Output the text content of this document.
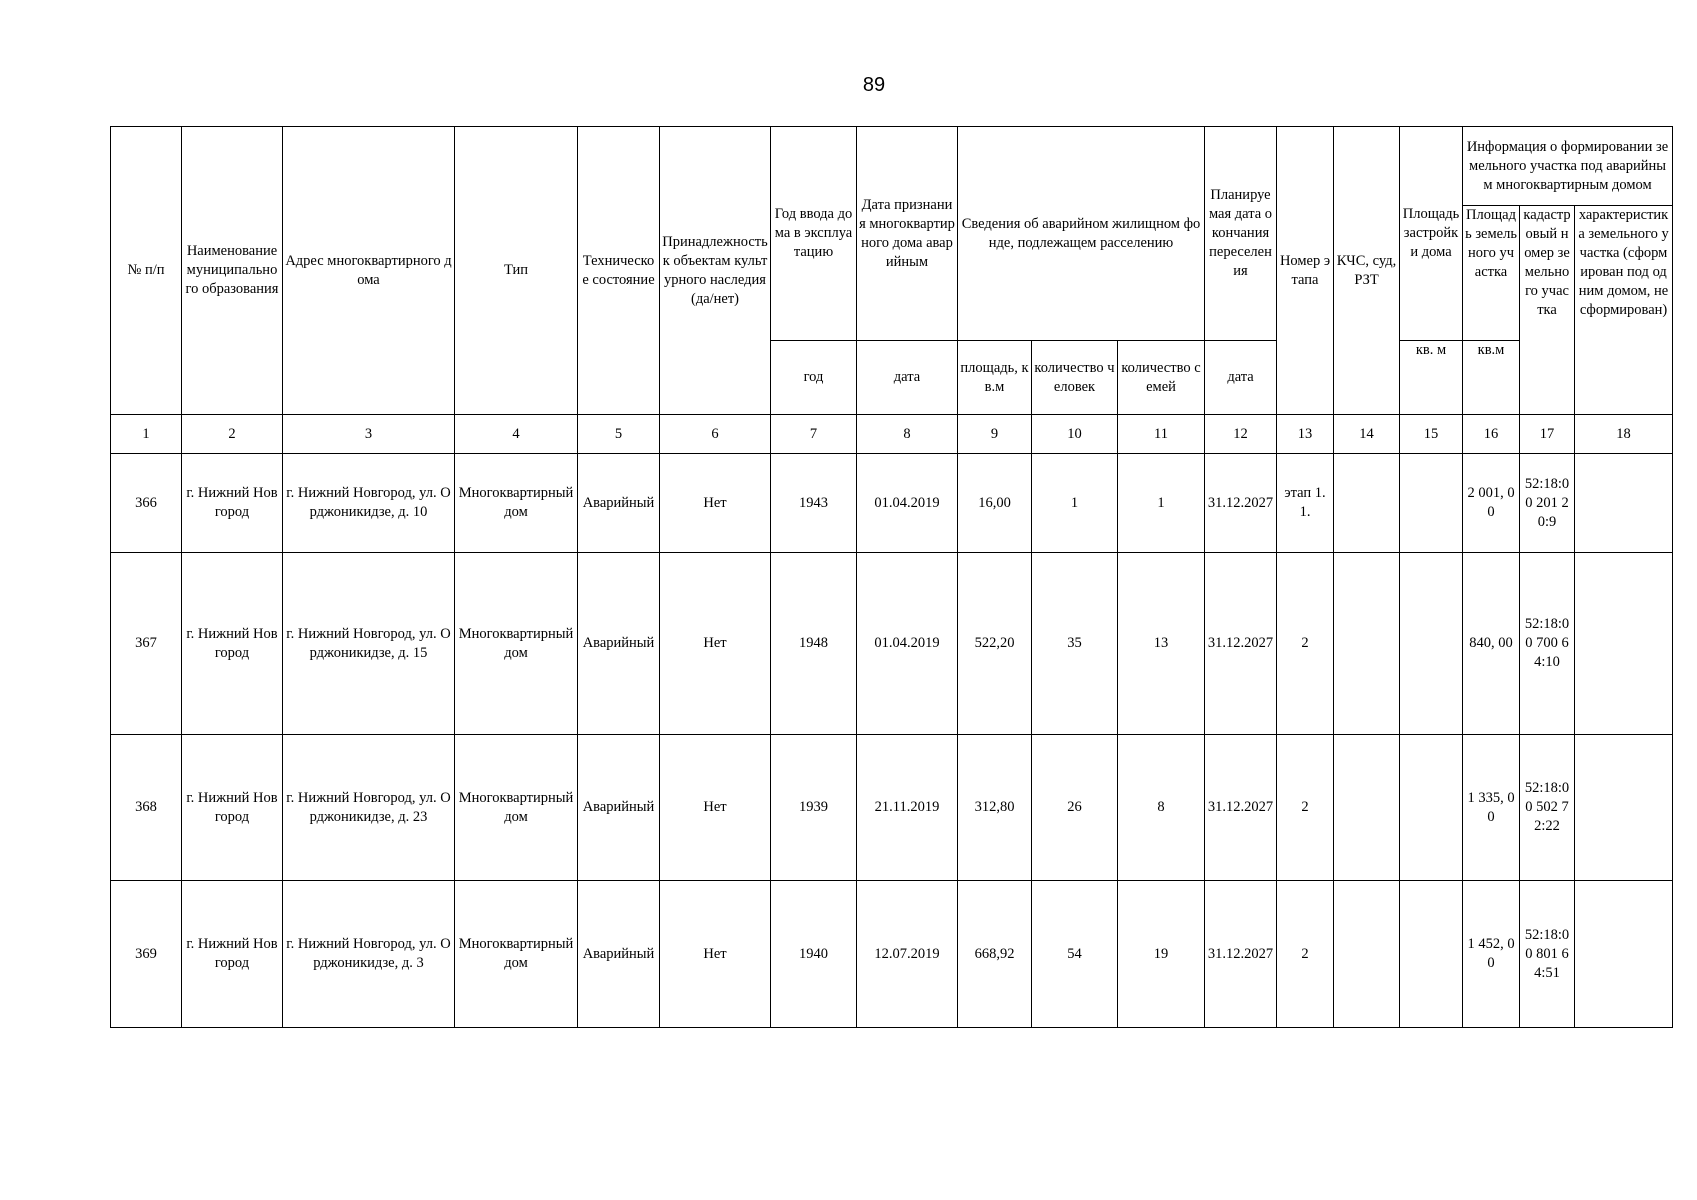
89
№ п/п	Наименование муниципального образования	Адрес многоквартирного дома	Тип	Техническое состояние	Принадлежность к объектам культурного наследия (да/нет)	Год ввода дома в эксплуатацию	Дата признания многоквартирного дома аварийным	Сведения об аварийном жилищном фонде, подлежащем расселению			Планируемая дата окончания переселения	Номер этапа	КЧС, суд, РЗТ	Площадь застройки дома	Информация о формировании земельного участка под аварийным многоквартирным домом		
															Площадь земельного участка	кадастровый номер земельного участка	характеристика земельного участка (сформирован под одним домом, не сформирован)
						год	дата	площадь, кв.м	количество человек	количество семей	дата			кв. м	кв.м		
1	2	3	4	5	6	7	8	9	10	11	12	13	14	15	16	17	18
366	г. Нижний Новгород	г. Нижний Новгород, ул. Орджоникидзе, д. 10	Многоквартирный дом	Аварийный	Нет	1943	01.04.2019	16,00	1	1	31.12.2027	этап 1.1.			2 001, 00	52:18:00 201 20:9	
367	г. Нижний Новгород	г. Нижний Новгород, ул. Орджоникидзе, д. 15	Многоквартирный дом	Аварийный	Нет	1948	01.04.2019	522,20	35	13	31.12.2027	2			840, 00	52:18:00 700 64:10	
368	г. Нижний Новгород	г. Нижний Новгород, ул. Орджоникидзе, д. 23	Многоквартирный дом	Аварийный	Нет	1939	21.11.2019	312,80	26	8	31.12.2027	2			1 335, 00	52:18:00 502 72:22	
369	г. Нижний Новгород	г. Нижний Новгород, ул. Орджоникидзе, д. 3	Многоквартирный дом	Аварийный	Нет	1940	12.07.2019	668,92	54	19	31.12.2027	2			1 452, 00	52:18:00 801 64:51	
